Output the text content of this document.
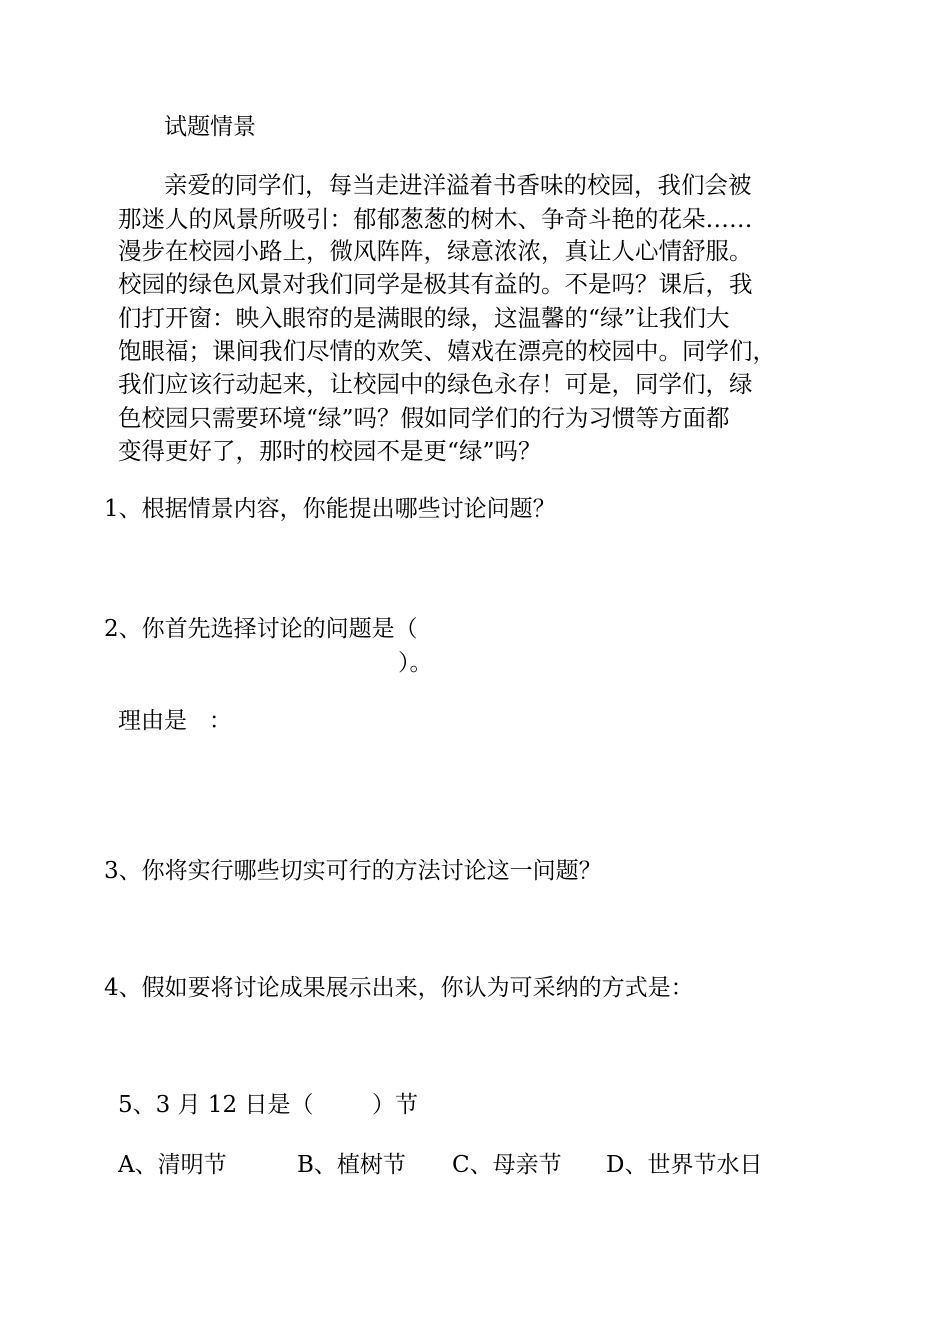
试题情景
亲爱的同学们，每当走进洋溢着书香味的校园，我们会被
那迷人的风景所吸引：郁郁葱葱的树木、争奇斗艳的花朵……
漫步在校园小路上，微风阵阵，绿意浓浓，真让人心情舒服。
校园的绿色风景对我们同学是极其有益的。不是吗？课后，我
们打开窗：映入眼帘的是满眼的绿，这温馨的“绿”让我们大
饱眼福；课间我们尽情的欢笑、嬉戏在漂亮的校园中。同学们，
我们应该行动起来，让校园中的绿色永存！可是，同学们，绿
色校园只需要环境“绿”吗？假如同学们的行为习惯等方面都
变得更好了，那时的校园不是更“绿”吗？
1、根据情景内容，你能提出哪些讨论问题？
2、你首先选择讨论的问题是（
）。
理由是   ：
3、你将实行哪些切实可行的方法讨论这一问题？
4、假如要将讨论成果展示出来，你认为可采纳的方式是：
5、3 月 12 日是（        ）节
A、清明节	B、植树节 C、母亲节 D、世界节水日
